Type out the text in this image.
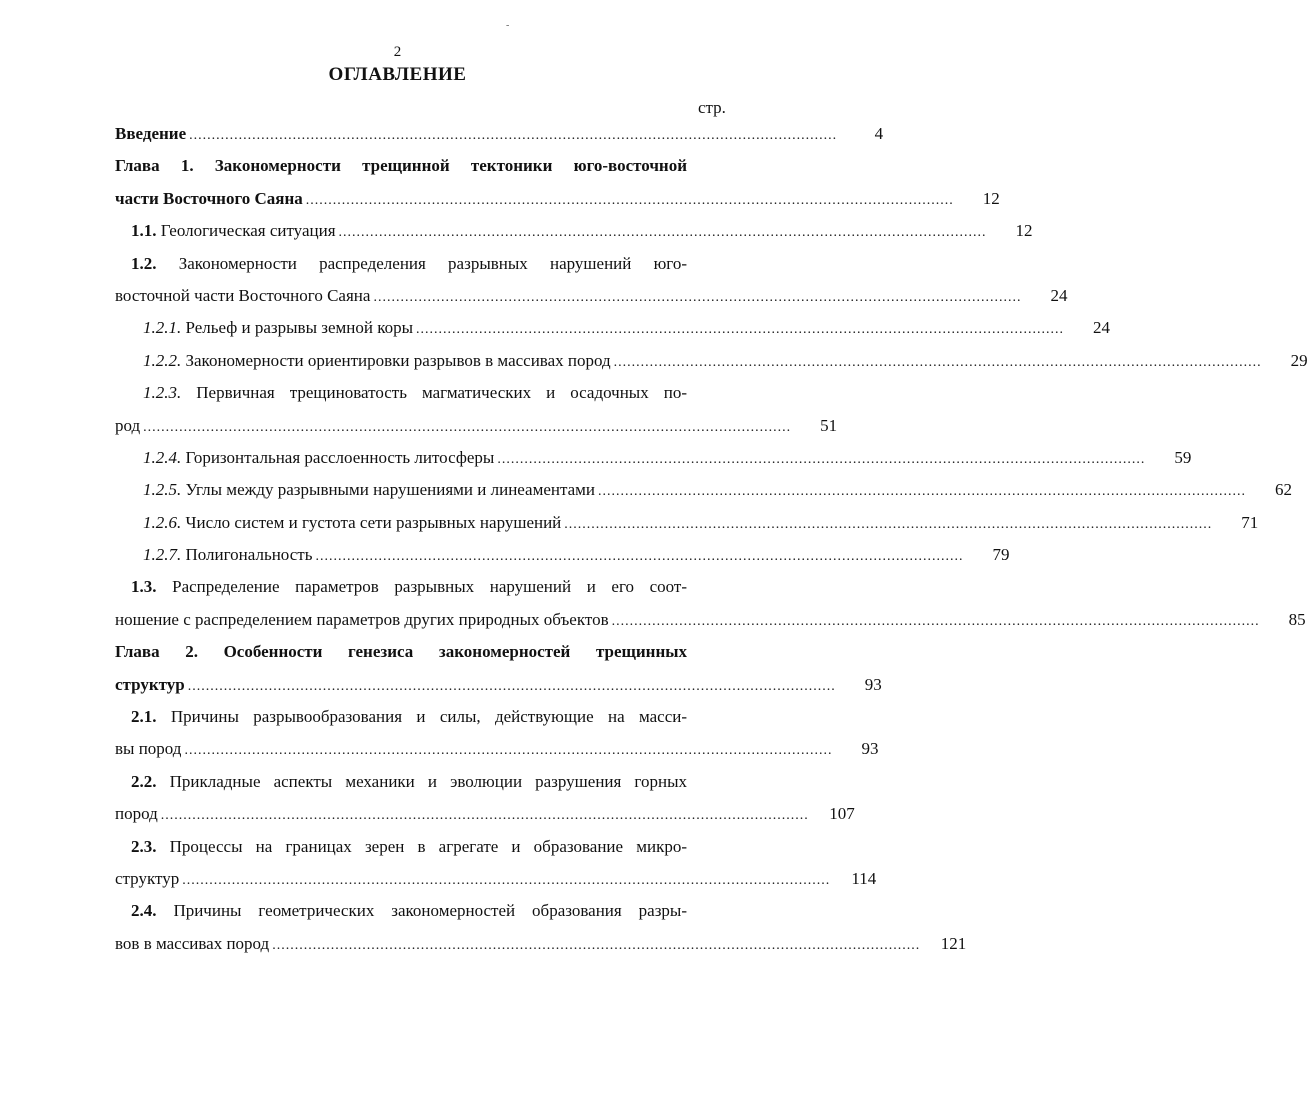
-
2
ОГЛАВЛЕНИЕ
стр.
Введение ................................................................................................................................................	4
Глава 1. Закономерности трещинной тектоники юго-восточной
части Восточного Саяна ................................................................................................................................................	12
1.1. Геологическая ситуация ................................................................................................................................................	12
1.2. Закономерности распределения разрывных нарушений юго-
восточной части Восточного Саяна ................................................................................................................................................	24
1.2.1. Рельеф и разрывы земной коры ................................................................................................................................................	24
1.2.2. Закономерности ориентировки разрывов в массивах пород ................................................................................................................................................	29
1.2.3. Первичная трещиноватость магматических и осадочных по-
род ................................................................................................................................................	51
1.2.4. Горизонтальная расслоенность литосферы ................................................................................................................................................	59
1.2.5. Углы между разрывными нарушениями и линеаментами ................................................................................................................................................	62
1.2.6. Число систем и густота сети разрывных нарушений ................................................................................................................................................	71
1.2.7. Полигональность ................................................................................................................................................	79
1.3. Распределение параметров разрывных нарушений и его соот-
ношение с распределением параметров других природных объектов ................................................................................................................................................	85
Глава 2. Особенности генезиса закономерностей трещинных
структур ................................................................................................................................................	93
2.1. Причины разрывообразования и силы, действующие на масси-
вы пород ................................................................................................................................................	93
2.2. Прикладные аспекты механики и эволюции разрушения горных
пород ................................................................................................................................................	107
2.3. Процессы на границах зерен в агрегате и образование микро-
структур ................................................................................................................................................	114
2.4. Причины геометрических закономерностей образования разры-
вов в массивах пород ................................................................................................................................................	121
